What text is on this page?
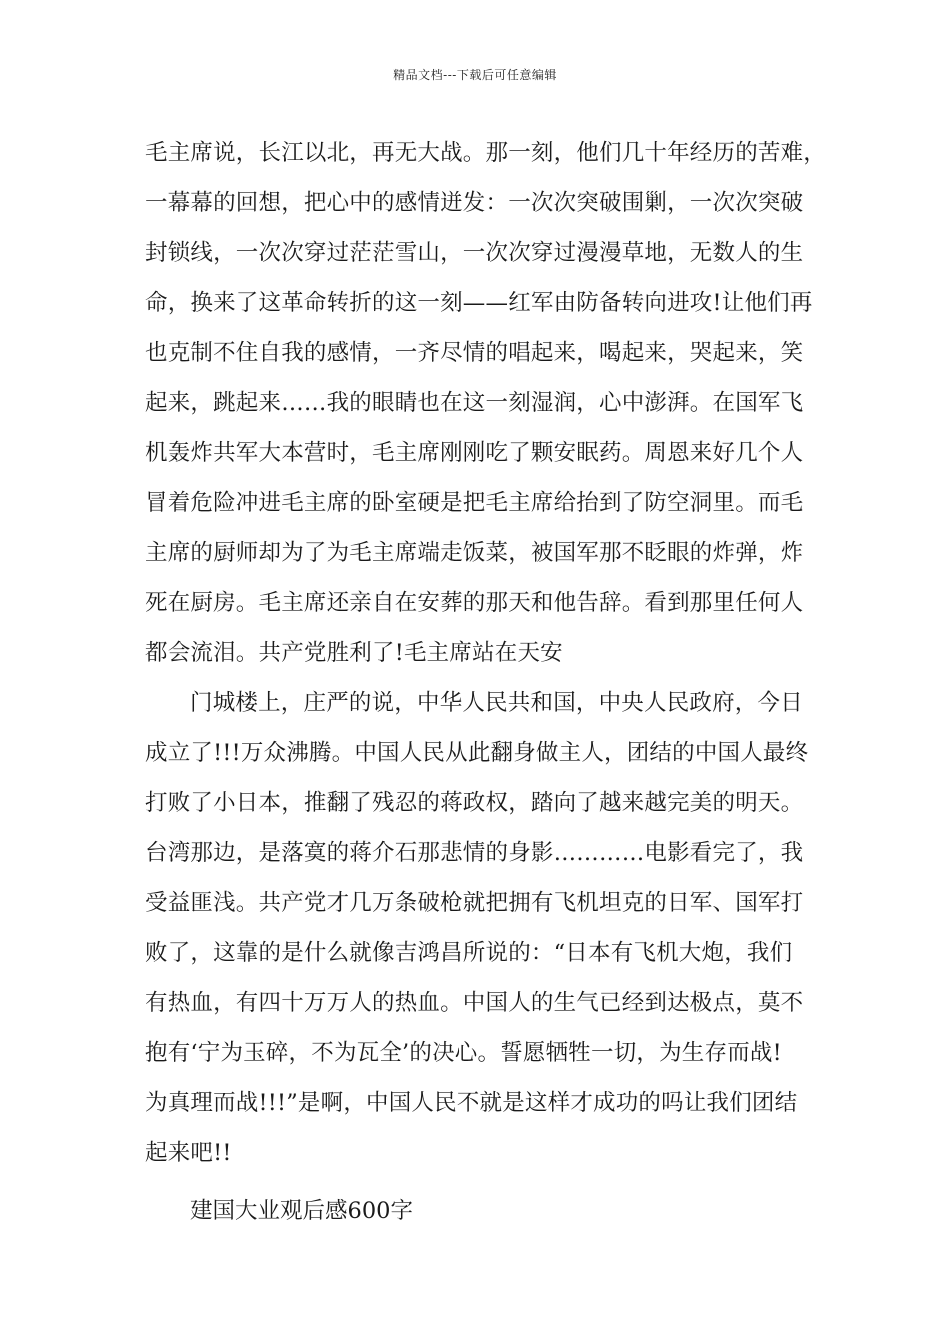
精品文档---下载后可任意编辑

毛主席说，长江以北，再无大战。那一刻，他们几十年经历的苦难，
一幕幕的回想，把心中的感情迸发：一次次突破围剿，一次次突破
封锁线，一次次穿过茫茫雪山，一次次穿过漫漫草地，无数人的生
命，换来了这革命转折的这一刻——红军由防备转向进攻!让他们再
也克制不住自我的感情，一齐尽情的唱起来，喝起来，哭起来，笑
起来，跳起来……我的眼睛也在这一刻湿润，心中澎湃。在国军飞
机轰炸共军大本营时，毛主席刚刚吃了颗安眠药。周恩来好几个人
冒着危险冲进毛主席的卧室硬是把毛主席给抬到了防空洞里。而毛
主席的厨师却为了为毛主席端走饭菜，被国军那不眨眼的炸弹，炸
死在厨房。毛主席还亲自在安葬的那天和他告辞。看到那里任何人
都会流泪。共产党胜利了!毛主席站在天安

门城楼上，庄严的说，中华人民共和国，中央人民政府，今日
成立了!!!万众沸腾。中国人民从此翻身做主人，团结的中国人最终
打败了小日本，推翻了残忍的蒋政权，踏向了越来越完美的明天。
台湾那边，是落寞的蒋介石那悲情的身影…………电影看完了，我
受益匪浅。共产党才几万条破枪就把拥有飞机坦克的日军、国军打
败了，这靠的是什么就像吉鸿昌所说的：“日本有飞机大炮，我们
有热血，有四十万万人的热血。中国人的生气已经到达极点，莫不
抱有‘宁为玉碎，不为瓦全’的决心。誓愿牺牲一切，为生存而战!
为真理而战!!!”是啊，中国人民不就是这样才成功的吗让我们团结
起来吧!!

建国大业观后感600字
